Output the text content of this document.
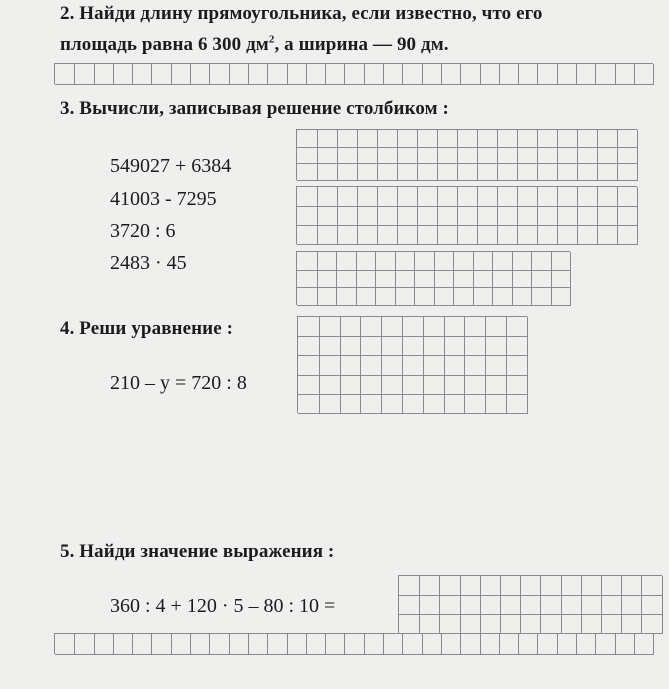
2. Найди длину прямоугольника, если известно, что его
площадь равна 6 300 $дм^2$, а ширина — 90 дм.
3. Вычисли, записывая решение столбиком :
549027 + 6384
41003 - 7295
3720 : 6
2483 · 45
4. Реши уравнение :
210 – y = 720 : 8
5. Найди значение выражения :
360 : 4 + 120 · 5 – 80 : 10 =
